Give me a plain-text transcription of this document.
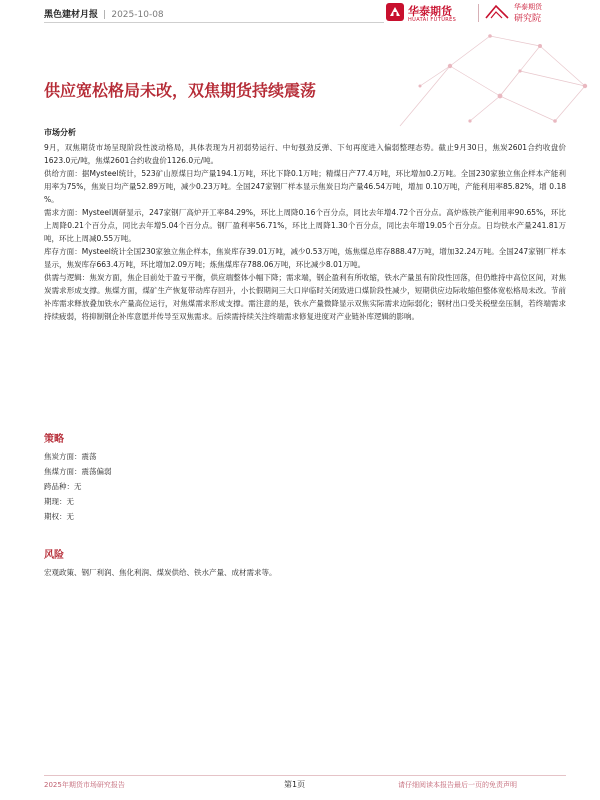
黑色建材月报 | 2025-10-08	华泰期货
HUATAI FUTURES
华泰期货
研究院
供应宽松格局未改，双焦期货持续震荡
市场分析

9月，双焦期货市场呈现阶段性波动格局，具体表现为月初弱势运行、中旬强劲反弹、下旬再度进入偏弱整理态势。截止9月30日，焦炭2601合约收盘价1623.0元/吨，焦煤2601合约收盘价1126.0元/吨。

供给方面：据Mysteel统计，523矿山原煤日均产量194.1万吨，环比下降0.1万吨；精煤日产77.4万吨，环比增加0.2万吨。全国230家独立焦企样本产能利用率为75%，焦炭日均产量52.89万吨，减少0.23万吨。全国247家钢厂样本显示焦炭日均产量46.54万吨，增加 0.10万吨，产能利用率85.82%，增 0.18 %。

需求方面：Mysteel调研显示，247家钢厂高炉开工率84.29%，环比上周降0.16个百分点，同比去年增4.72个百分点。高炉炼铁产能利用率90.65%，环比上周降0.21个百分点，同比去年增5.04个百分点。钢厂盈利率56.71%，环比上周降1.30个百分点，同比去年增19.05个百分点。日均铁水产量241.81万吨，环比上周减0.55万吨。

库存方面：Mysteel统计全国230家独立焦企样本，焦炭库存39.01万吨，减少0.53万吨，炼焦煤总库存888.47万吨，增加32.24万吨。全国247家钢厂样本显示，焦炭库存663.4万吨，环比增加2.09万吨；炼焦煤库存788.06万吨，环比减少8.01万吨。

供需与逻辑：焦炭方面，焦企目前处于盈亏平衡，供应端整体小幅下降；需求端，钢企盈利有所收缩，铁水产量虽有阶段性回落，但仍维持中高位区间，对焦炭需求形成支撑。焦煤方面，煤矿生产恢复带动库存回升，小长假期间三大口岸临时关闭致进口煤阶段性减少，短期供应边际收缩但整体宽松格局未改。节前补库需求释放叠加铁水产量高位运行，对焦煤需求形成支撑。需注意的是，铁水产量微降显示双焦实际需求边际弱化；钢材出口受关税壁垒压制，若终端需求持续疲弱，将抑制钢企补库意愿并传导至双焦需求。后续需持续关注终端需求修复进度对产业链补库逻辑的影响。

策略
焦炭方面：震荡
焦煤方面：震荡偏弱
跨品种：无
期现：无
期权：无
风险
宏观政策、钢厂利润、焦化利润、煤炭供给、铁水产量、成材需求等。
2025年期货市场研究报告	第1页	请仔细阅读本报告最后一页的免责声明
